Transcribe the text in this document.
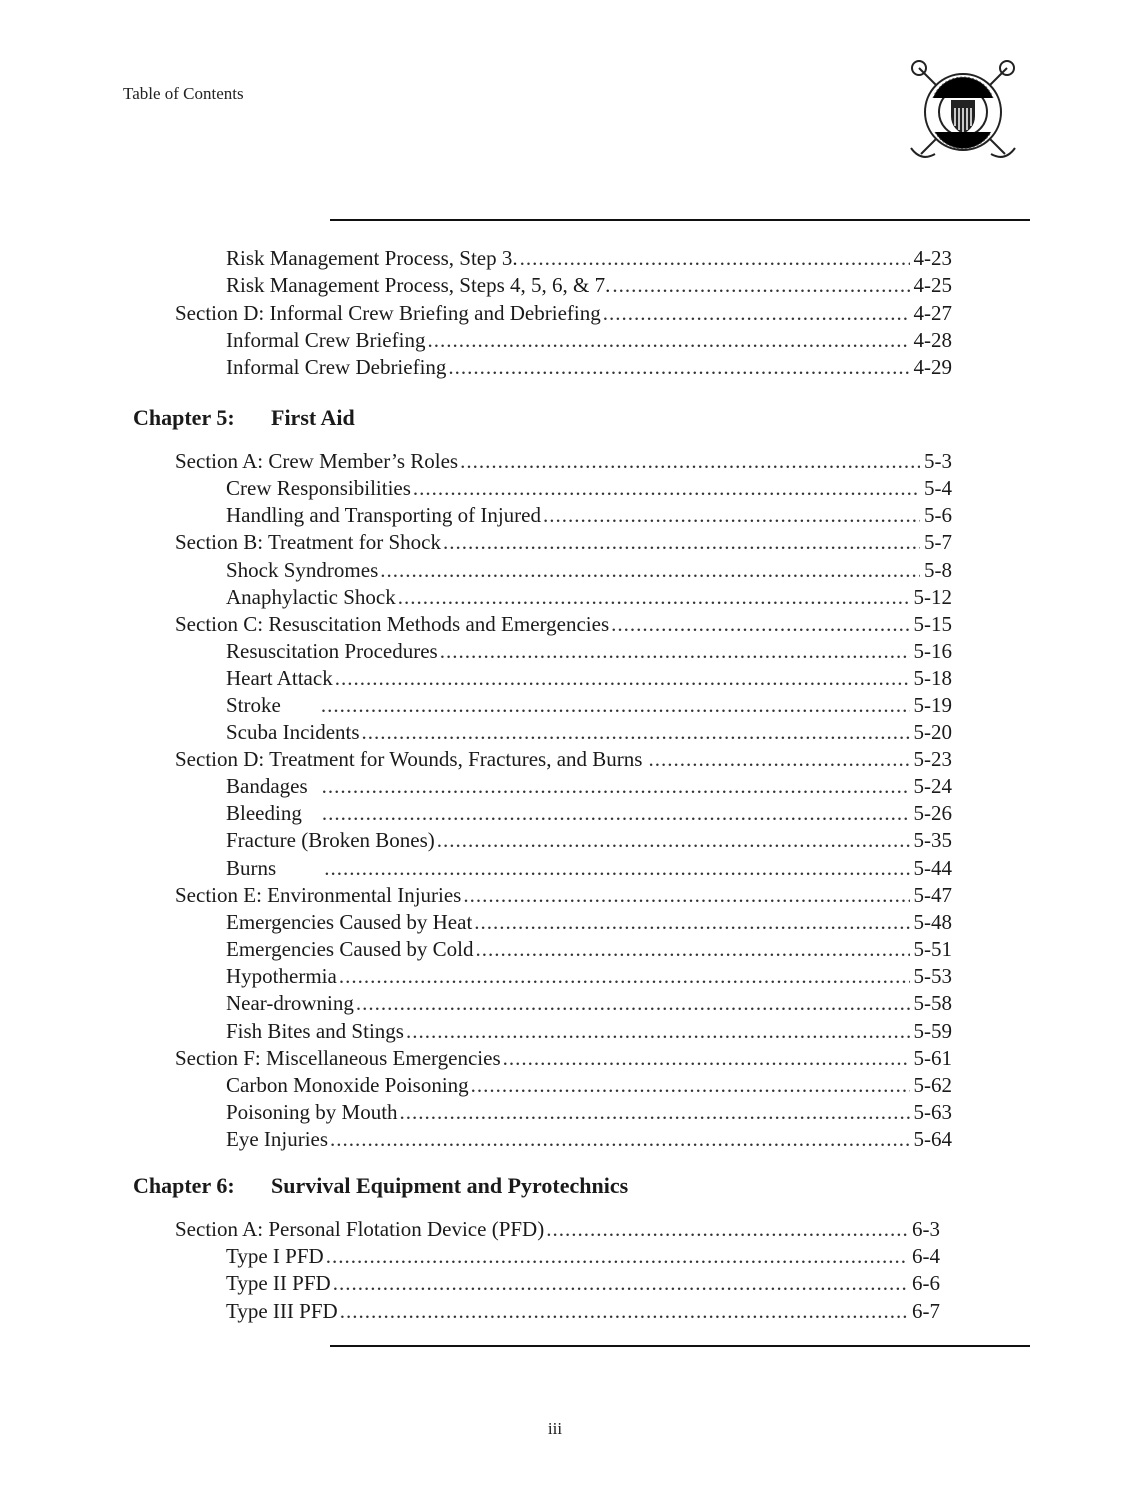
Table of Contents
Risk Management Process, Step 3. .....	4-23
Risk Management Process, Steps 4, 5, 6, & 7. .....	4-25
Section D: Informal Crew Briefing and Debriefing .....	4-27
Informal Crew Briefing .....	4-28
Informal Crew Debriefing .....	4-29
Chapter 5: First Aid
Section A: Crew Member’s Roles .....	5-3
Crew Responsibilities .....	5-4
Handling and Transporting of Injured .....	5-6
Section B: Treatment for Shock .....	5-7
Shock Syndromes .....	5-8
Anaphylactic Shock .....	5-12
Section C: Resuscitation Methods and Emergencies .....	5-15
Resuscitation Procedures .....	5-16
Heart Attack .....	5-18
Stroke .....	5-19
Scuba Incidents .....	5-20
Section D: Treatment for Wounds, Fractures, and Burns .....	5-23
Bandages .....	5-24
Bleeding .....	5-26
Fracture (Broken Bones) .....	5-35
Burns .....	5-44
Section E: Environmental Injuries .....	5-47
Emergencies Caused by Heat .....	5-48
Emergencies Caused by Cold .....	5-51
Hypothermia .....	5-53
Near-drowning .....	5-58
Fish Bites and Stings .....	5-59
Section F: Miscellaneous Emergencies .....	5-61
Carbon Monoxide Poisoning .....	5-62
Poisoning by Mouth .....	5-63
Eye Injuries .....	5-64
Chapter 6: Survival Equipment and Pyrotechnics
Section A: Personal Flotation Device (PFD) .....	6-3
Type I PFD .....	6-4
Type II PFD .....	6-6
Type III PFD .....	6-7
iii
